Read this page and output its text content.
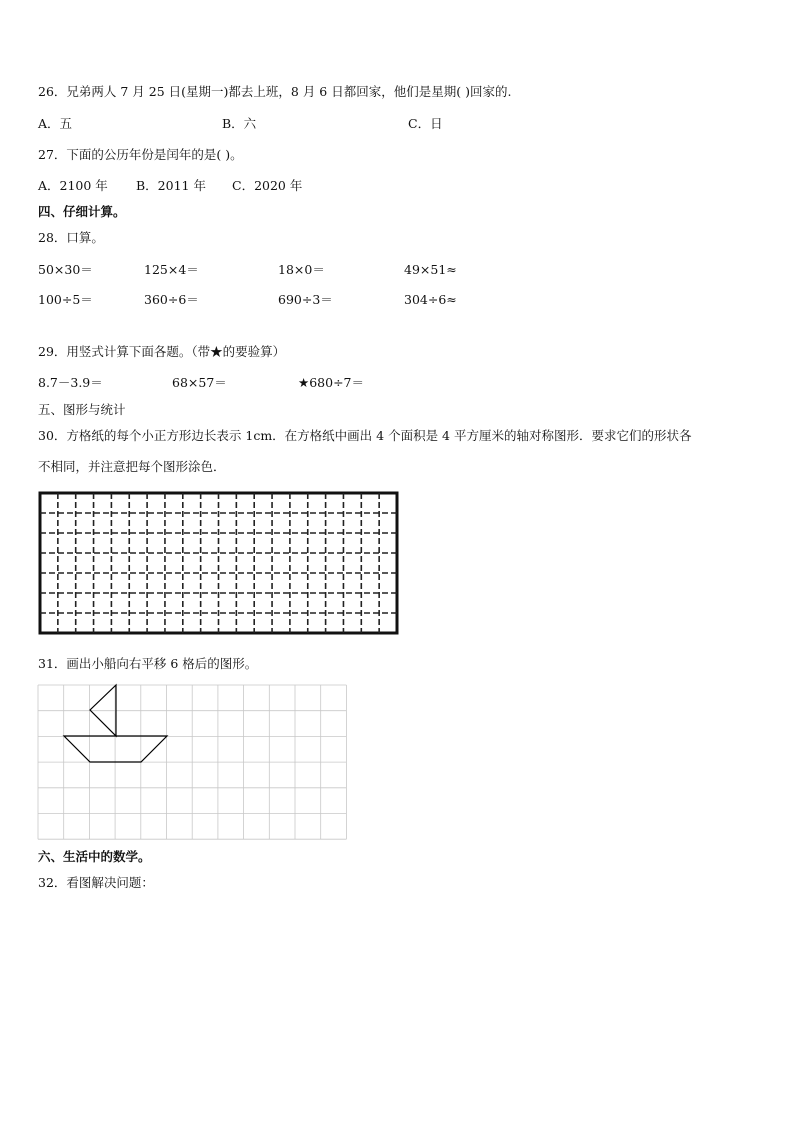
26．兄弟两人 7 月 25 日(星期一)都去上班，8 月 6 日都回家，他们是星期( )回家的.
A．五	B．六	C．日
27．下面的公历年份是闰年的是( )。
A．2100 年 B．2011 年 C．2020 年
四、仔细计算。
28．口算。
50×30＝	125×4＝	18×0＝	49×51≈
100÷5＝	360÷6＝	690÷3＝	304÷6≈
29．用竖式计算下面各题。（带★的要验算）
8.7－3.9＝	68×57＝	★680÷7＝
五、图形与统计
30．方格纸的每个小正方形边长表示 1cm．在方格纸中画出 4 个面积是 4 平方厘米的轴对称图形．要求它们的形状各
不相同，并注意把每个图形涂色．
31．画出小船向右平移 6 格后的图形。
六、生活中的数学。
32．看图解决问题：
